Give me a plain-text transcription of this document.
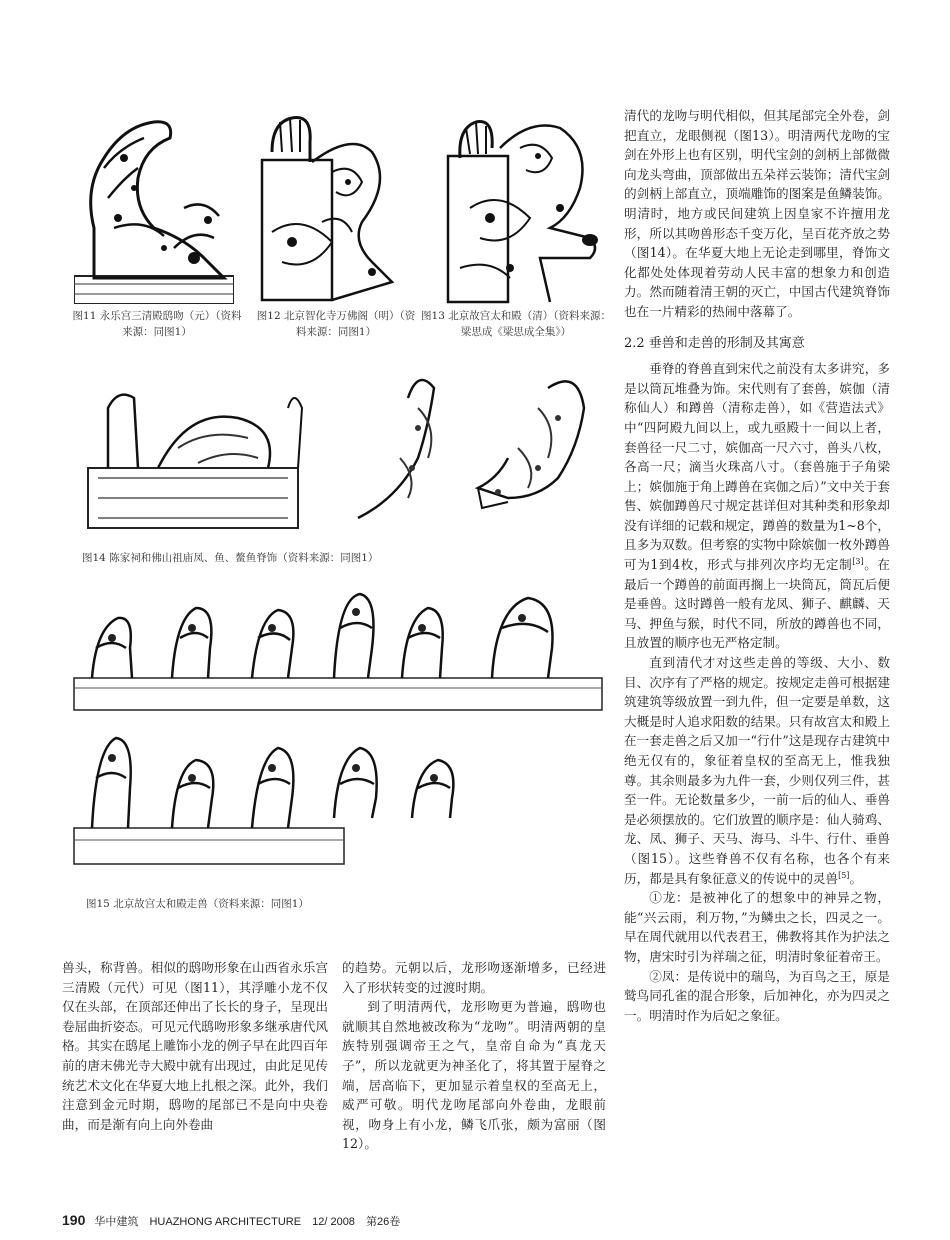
图11 永乐宫三清殿鸱吻（元）（资料来源：同图1）
图12 北京智化寺万佛阁（明）（资料来源：同图1）
图13 北京故宫太和殿（清）（资料来源：梁思成《梁思成全集》）
图14 陈家祠和佛山祖庙凤、鱼、鳌鱼脊饰（资料来源：同图1）
图15 北京故宫太和殿走兽（资料来源：同图1）

兽头，称背兽。相似的鸱吻形象在山西省永乐宫三清殿（元代）可见（图11），其浮雕小龙不仅仅在头部，在顶部还伸出了长长的身子，呈现出卷屈曲折姿态。可见元代鸱吻形象多继承唐代风格。其实在鸱尾上雕饰小龙的例子早在此四百年前的唐末佛光寺大殿中就有出现过，由此足见传统艺术文化在华夏大地上扎根之深。此外，我们注意到金元时期，鸱吻的尾部已不是向中央卷曲，而是渐有向上向外卷曲

的趋势。元朝以后，龙形吻逐渐增多，已经进入了形状转变的过渡时期。

到了明清两代，龙形吻更为普遍，鸱吻也就顺其自然地被改称为“龙吻”。明清两朝的皇族特别强调帝王之气，皇帝自命为“真龙天子”，所以龙就更为神圣化了，将其置于屋脊之端，居高临下，更加显示着皇权的至高无上，威严可敬。明代龙吻尾部向外卷曲，龙眼前视，吻身上有小龙，鳞飞爪张，颇为富丽（图12）。

清代的龙吻与明代相似，但其尾部完全外卷，剑把直立，龙眼侧视（图13）。明清两代龙吻的宝剑在外形上也有区别，明代宝剑的剑柄上部微微向龙头弯曲，顶部做出五朵祥云装饰；清代宝剑的剑柄上部直立，顶端雕饰的图案是鱼鳞装饰。明清时，地方或民间建筑上因皇家不许擅用龙形，所以其吻兽形态千变万化，呈百花齐放之势（图14）。在华夏大地上无论走到哪里，脊饰文化都处处体现着劳动人民丰富的想象力和创造力。然而随着清王朝的灭亡，中国古代建筑脊饰也在一片精彩的热闹中落幕了。

2.2 垂兽和走兽的形制及其寓意

垂脊的脊兽直到宋代之前没有太多讲究，多是以筒瓦堆叠为饰。宋代则有了套兽，嫔伽（清称仙人）和蹲兽（清称走兽），如《营造法式》中“四阿殿九间以上，或九亟殿十一间以上者，套兽径一尺二寸，嫔伽高一尺六寸，兽头八枚，各高一尺；滴当火珠高八寸。（套兽施于子角梁上；嫔伽施于角上蹲兽在宾伽之后）”文中关于套售、嫔伽蹲兽尺寸规定甚详但对其种类和形象却没有详细的记载和规定，蹲兽的数量为1~8个，且多为双数。但考察的实物中除嫔伽一枚外蹲兽可为1到4枚，形式与排列次序均无定制[3]。在最后一个蹲兽的前面再搁上一块筒瓦，筒瓦后便是垂兽。这时蹲兽一般有龙凤、狮子、麒麟、天马、押鱼与猴，时代不同，所放的蹲兽也不同，且放置的顺序也无严格定制。

直到清代才对这些走兽的等级、大小、数目、次序有了严格的规定。按规定走兽可根据建筑建筑等级放置一到九件，但一定要是单数，这大概是时人追求阳数的结果。只有故宫太和殿上在一套走兽之后又加一“行什”这是现存古建筑中绝无仅有的，象征着皇权的至高无上，惟我独尊。其余则最多为九件一套，少则仅列三件，甚至一件。无论数量多少，一前一后的仙人、垂兽是必须摆放的。它们放置的顺序是：仙人骑鸡、龙、凤、狮子、天马、海马、斗牛、行什、垂兽（图15）。这些脊兽不仅有名称，也各个有来历，都是具有象征意义的传说中的灵兽[5]。

①龙：是被神化了的想象中的神异之物，能“兴云雨，利万物，”为鳞虫之长，四灵之一。早在周代就用以代表君王，佛教将其作为护法之物，唐宋时引为祥瑞之征，明清时象征着帝王。

②凤：是传说中的瑞鸟，为百鸟之王，原是鹫鸟同孔雀的混合形象，后加神化，亦为四灵之一。明清时作为后妃之象征。

190 华中建筑 HUAZHONG ARCHITECTURE 12/ 2008 第26卷
